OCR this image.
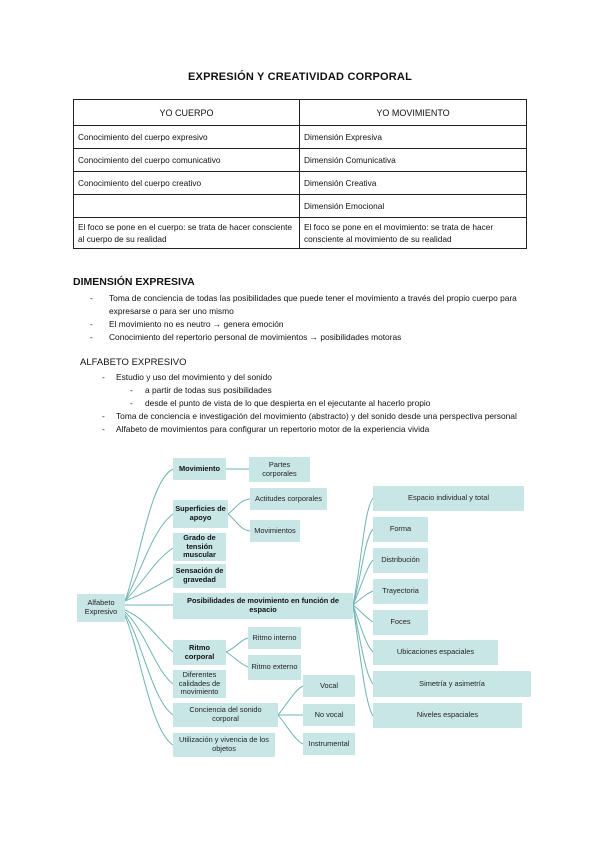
EXPRESIÓN Y CREATIVIDAD CORPORAL
YO CUERPO	YO MOVIMIENTO
Conocimiento del cuerpo expresivo	Dimensión Expresiva
Conocimiento del cuerpo comunicativo	Dimensión Comunicativa
Conocimiento del cuerpo creativo	Dimensión Creativa
	Dimensión Emocional
El foco se pone en el cuerpo: se trata de hacer consciente al cuerpo de su realidad	El foco se pone en el movimiento: se trata de hacer consciente al movimiento de su realidad
DIMENSIÓN EXPRESIVA
- Toma de conciencia de todas las posibilidades que puede tener el movimiento a través del propio cuerpo para expresarse o para ser uno mismo
- El movimiento no es neutro → genera emoción
- Conocimiento del repertorio personal de movimientos → posibilidades motoras
ALFABETO EXPRESIVO
- Estudio y uso del movimiento y del sonido
- a partir de todas sus posibilidades
- desde el punto de vista de lo que despierta en el ejecutante al hacerlo propio
- Toma de conciencia e investigación del movimiento (abstracto) y del sonido desde una perspectiva personal
- Alfabeto de movimientos para configurar un repertorio motor de la experiencia vivida
Alfabeto Expresivo
Movimiento
Superficies de apoyo
Grado de tensión muscular
Sensación de gravedad
Posibilidades de movimiento en función de espacio
Ritmo corporal
Diferentes calidades de movimiento
Conciencia del sonido corporal
Utilización y vivencia de los objetos
Partes corporales
Actitudes corporales
Movimientos
Espacio individual y total
Forma
Distribución
Trayectoria
Foces
Ubicaciones espaciales
Simetría y asimetría
Niveles espaciales
Ritmo interno
Ritmo externo
Vocal
No vocal
Instrumental
